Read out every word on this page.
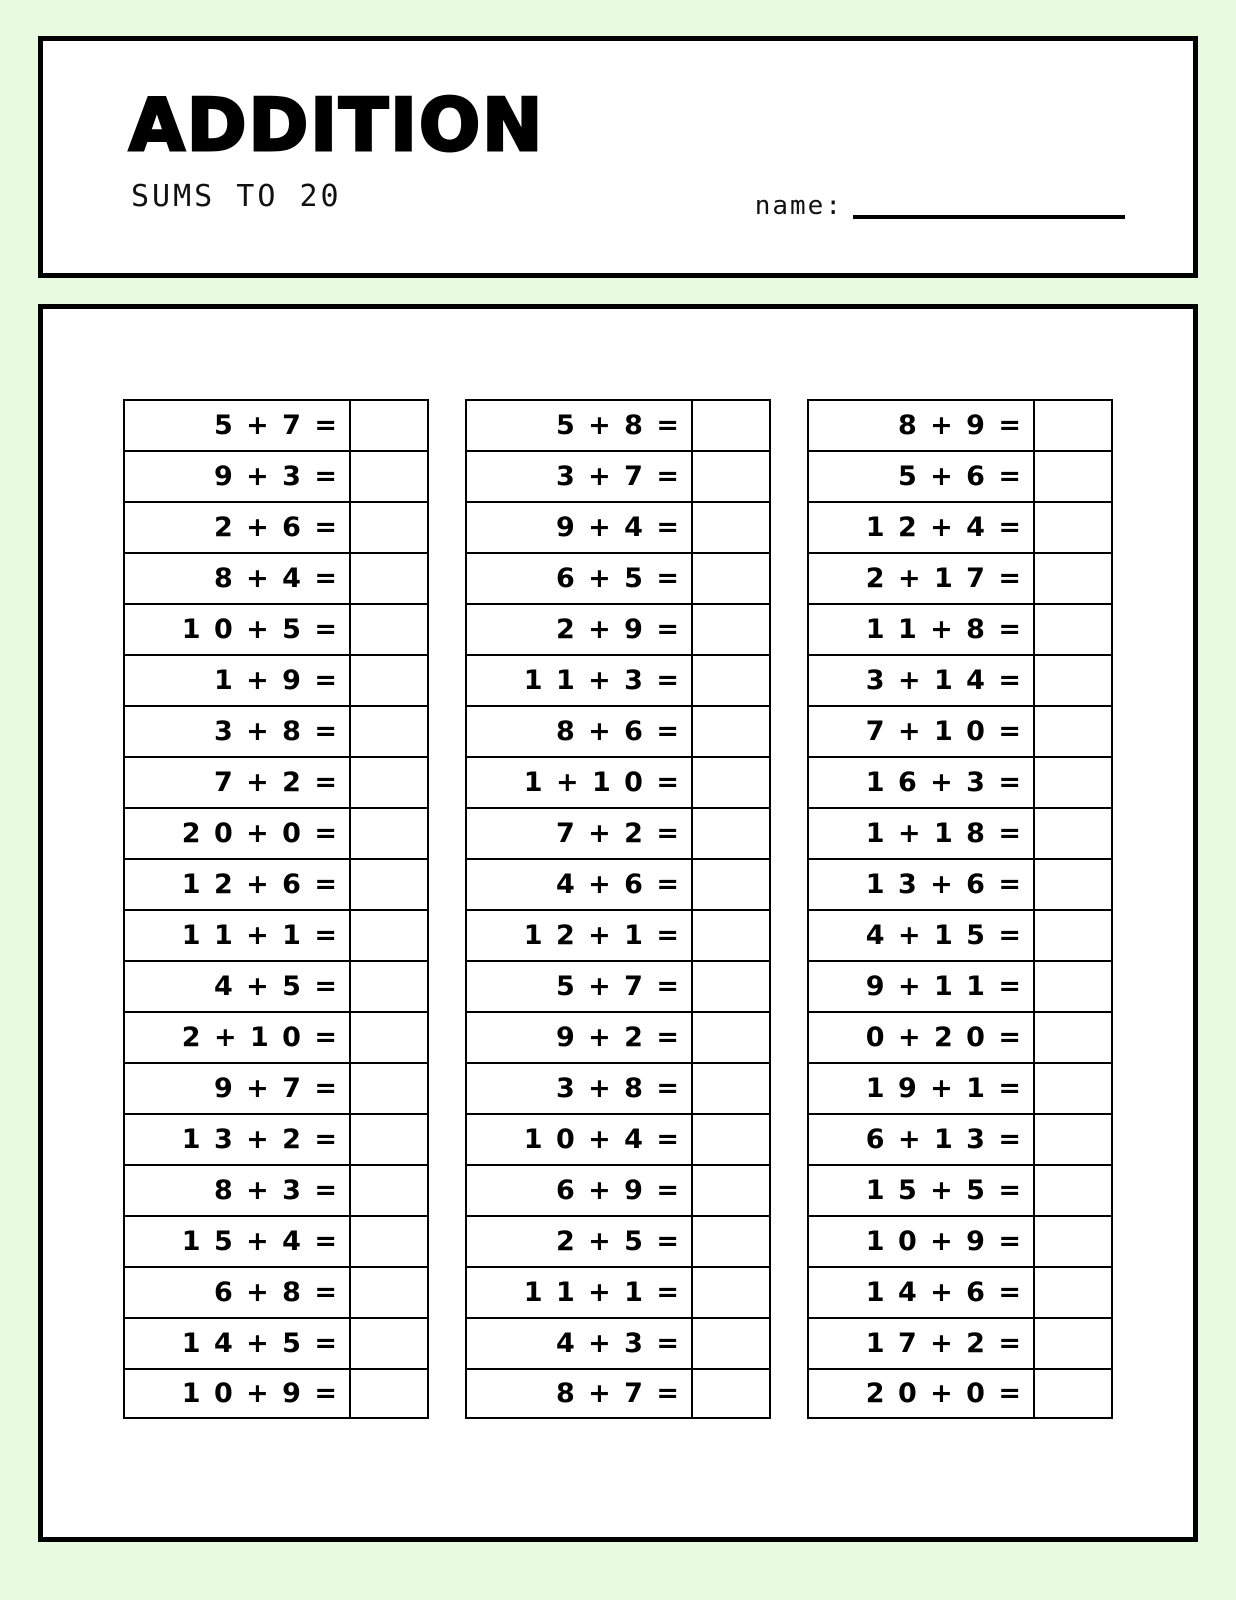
ADDITION
SUMS TO 20	name:
5 + 7 =
9 + 3 =
2 + 6 =
8 + 4 =
1 0 + 5 =
1 + 9 =
3 + 8 =
7 + 2 =
2 0 + 0 =
1 2 + 6 =
1 1 + 1 =
4 + 5 =
2 + 1 0 =
9 + 7 =
1 3 + 2 =
8 + 3 =
1 5 + 4 =
6 + 8 =
1 4 + 5 =
1 0 + 9 =
5 + 8 =
3 + 7 =
9 + 4 =
6 + 5 =
2 + 9 =
1 1 + 3 =
8 + 6 =
1 + 1 0 =
7 + 2 =
4 + 6 =
1 2 + 1 =
5 + 7 =
9 + 2 =
3 + 8 =
1 0 + 4 =
6 + 9 =
2 + 5 =
1 1 + 1 =
4 + 3 =
8 + 7 =
8 + 9 =
5 + 6 =
1 2 + 4 =
2 + 1 7 =
1 1 + 8 =
3 + 1 4 =
7 + 1 0 =
1 6 + 3 =
1 + 1 8 =
1 3 + 6 =
4 + 1 5 =
9 + 1 1 =
0 + 2 0 =
1 9 + 1 =
6 + 1 3 =
1 5 + 5 =
1 0 + 9 =
1 4 + 6 =
1 7 + 2 =
2 0 + 0 =
